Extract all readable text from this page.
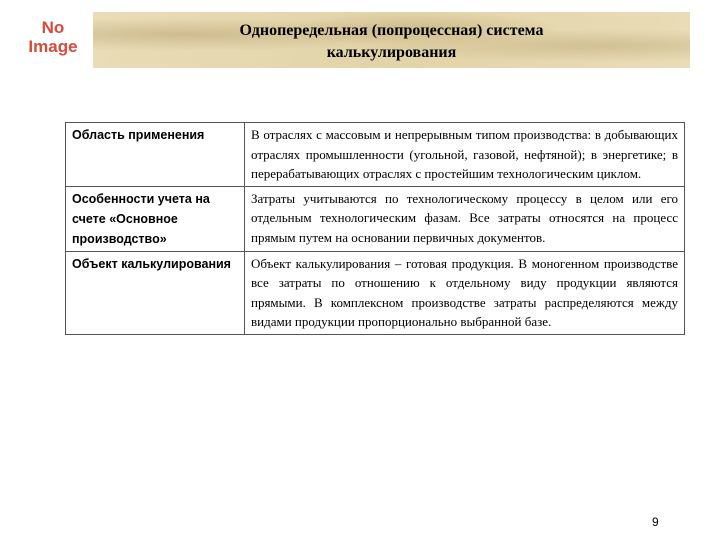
No
Image
Однопередельная (попроцессная) система
калькулирования
Область применения	В отраслях с массовым и непрерывным типом производства: в добывающих отраслях промышленности (угольной, газовой, нефтяной); в энергетике; в перерабатывающих отраслях с простейшим технологическим циклом.
Особенности учета на счете «Основное производство»	Затраты учитываются по технологическому процессу в целом или его отдельным технологическим фазам. Все затраты относятся на процесс прямым путем на основании первичных документов.
Объект калькулирования	Объект калькулирования – готовая продукция. В моногенном производстве все затраты по отношению к отдельному виду продукции являются прямыми. В комплексном производстве затраты распределяются между видами продукции пропорционально выбранной базе.
9
